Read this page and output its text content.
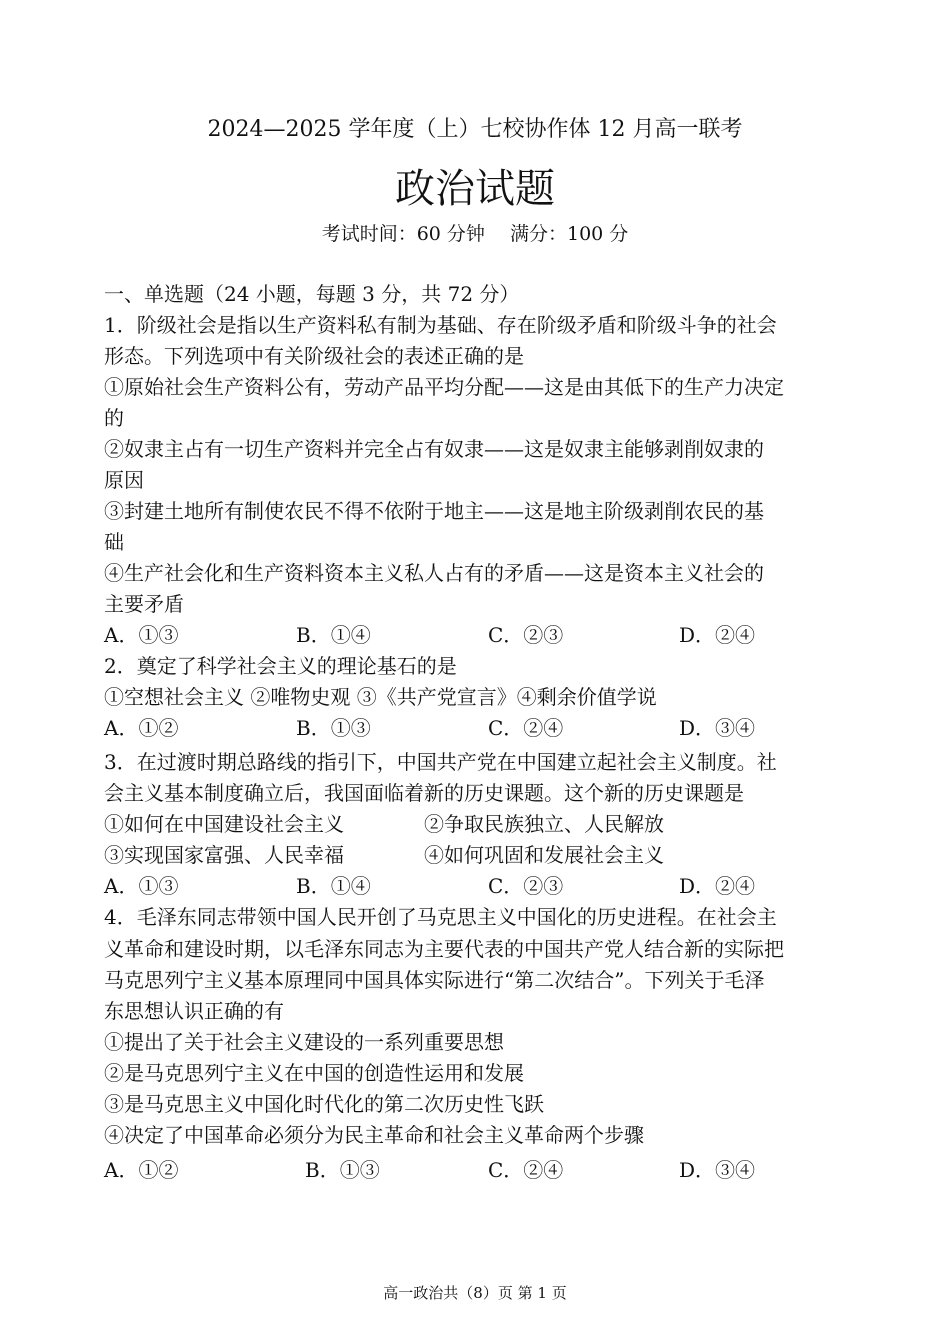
2024—2025 学年度（上）七校协作体 12 月高一联考
政治试题
考试时间：60 分钟　 满分：100 分
一、单选题（24 小题，每题 3 分，共 72 分）
1．阶级社会是指以生产资料私有制为基础、存在阶级矛盾和阶级斗争的社会
形态。下列选项中有关阶级社会的表述正确的是
①原始社会生产资料公有，劳动产品平均分配——这是由其低下的生产力决定
的
②奴隶主占有一切生产资料并完全占有奴隶——这是奴隶主能够剥削奴隶的
原因
③封建土地所有制使农民不得不依附于地主——这是地主阶级剥削农民的基
础
④生产社会化和生产资料资本主义私人占有的矛盾——这是资本主义社会的
主要矛盾
A．①③	B．①④	C．②③	D．②④
2．奠定了科学社会主义的理论基石的是
①空想社会主义 ②唯物史观 ③《共产党宣言》④剩余价值学说
A．①②	B．①③	C．②④	D．③④
3．在过渡时期总路线的指引下，中国共产党在中国建立起社会主义制度。社
会主义基本制度确立后，我国面临着新的历史课题。这个新的历史课题是
①如何在中国建设社会主义　　　　②争取民族独立、人民解放
③实现国家富强、人民幸福　　　　④如何巩固和发展社会主义
A．①③	B．①④	C．②③	D．②④
4．毛泽东同志带领中国人民开创了马克思主义中国化的历史进程。在社会主
义革命和建设时期，以毛泽东同志为主要代表的中国共产党人结合新的实际把
马克思列宁主义基本原理同中国具体实际进行“第二次结合”。下列关于毛泽
东思想认识正确的有
①提出了关于社会主义建设的一系列重要思想
②是马克思列宁主义在中国的创造性运用和发展
③是马克思主义中国化时代化的第二次历史性飞跃
④决定了中国革命必须分为民主革命和社会主义革命两个步骤
A．①②	B．①③	C．②④	D．③④
高一政治共（8）页 第 1 页
